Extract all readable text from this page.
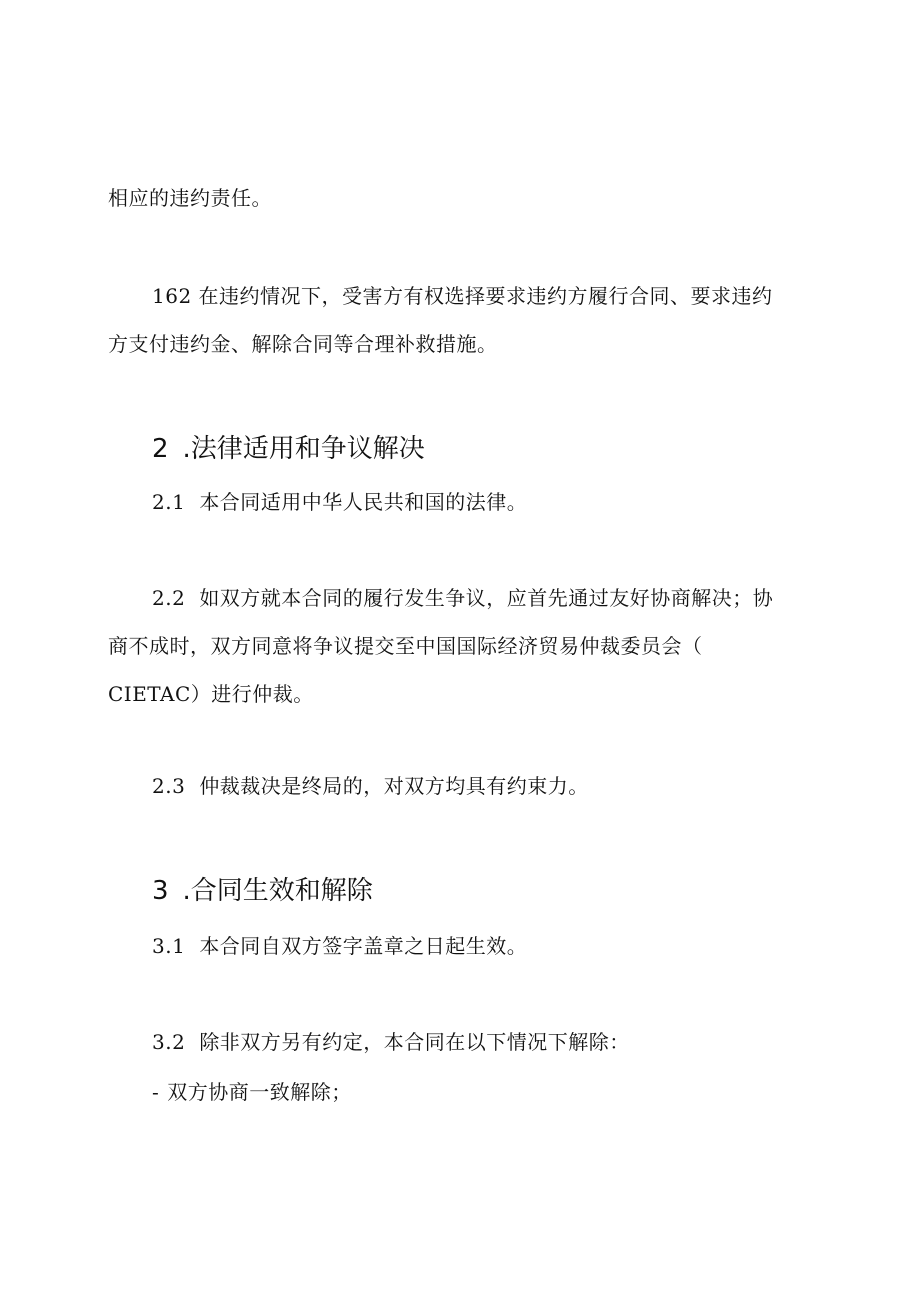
相应的违约责任。
162 在违约情况下，受害方有权选择要求违约方履行合同、要求违约
方支付违约金、解除合同等合理补救措施。
2 .法律适用和争议解决
2.1 本合同适用中华人民共和国的法律。
2.2 如双方就本合同的履行发生争议，应首先通过友好协商解决；协
商不成时，双方同意将争议提交至中国国际经济贸易仲裁委员会（
CIETAC）进行仲裁。
2.3 仲裁裁决是终局的，对双方均具有约束力。
3 .合同生效和解除
3.1 本合同自双方签字盖章之日起生效。
3.2 除非双方另有约定，本合同在以下情况下解除：
- 双方协商一致解除；
